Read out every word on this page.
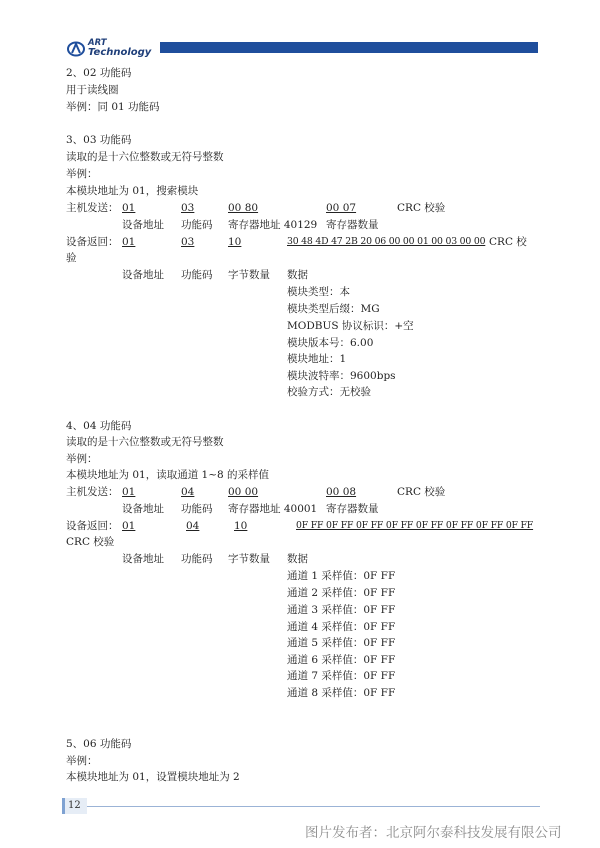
ART
Technology
2、02 功能码
用于读线圈
举例：同 01 功能码
3、03 功能码
读取的是十六位整数或无符号整数
举例：
本模块地址为 01，搜索模块
主机发送： 01	03	00 80	00 07	CRC 校验
设备地址 功能码 寄存器地址 40129 寄存器数量
设备返回： 01	03	10	30 48 4D 47 2B 20 06 00 00 01 00 03 00 00 CRC 校
验
设备地址 功能码 字节数量 数据
模块类型：本
模块类型后缀：MG
MODBUS 协议标识：+空
模块版本号：6.00
模块地址：1
模块波特率：9600bps
校验方式：无校验
4、04 功能码
读取的是十六位整数或无符号整数
举例：
本模块地址为 01，读取通道 1~8 的采样值
主机发送： 01	04	00 00	00 08	CRC 校验
设备地址 功能码 寄存器地址 40001 寄存器数量
设备返回： 01	04	10	0F FF 0F FF 0F FF 0F FF 0F FF 0F FF 0F FF 0F FF
CRC 校验
设备地址 功能码 字节数量 数据
通道 1 采样值：0F FF
通道 2 采样值：0F FF
通道 3 采样值：0F FF
通道 4 采样值：0F FF
通道 5 采样值：0F FF
通道 6 采样值：0F FF
通道 7 采样值：0F FF
通道 8 采样值：0F FF
5、06 功能码
举例：
本模块地址为 01，设置模块地址为 2
12
图片发布者：北京阿尔泰科技发展有限公司
